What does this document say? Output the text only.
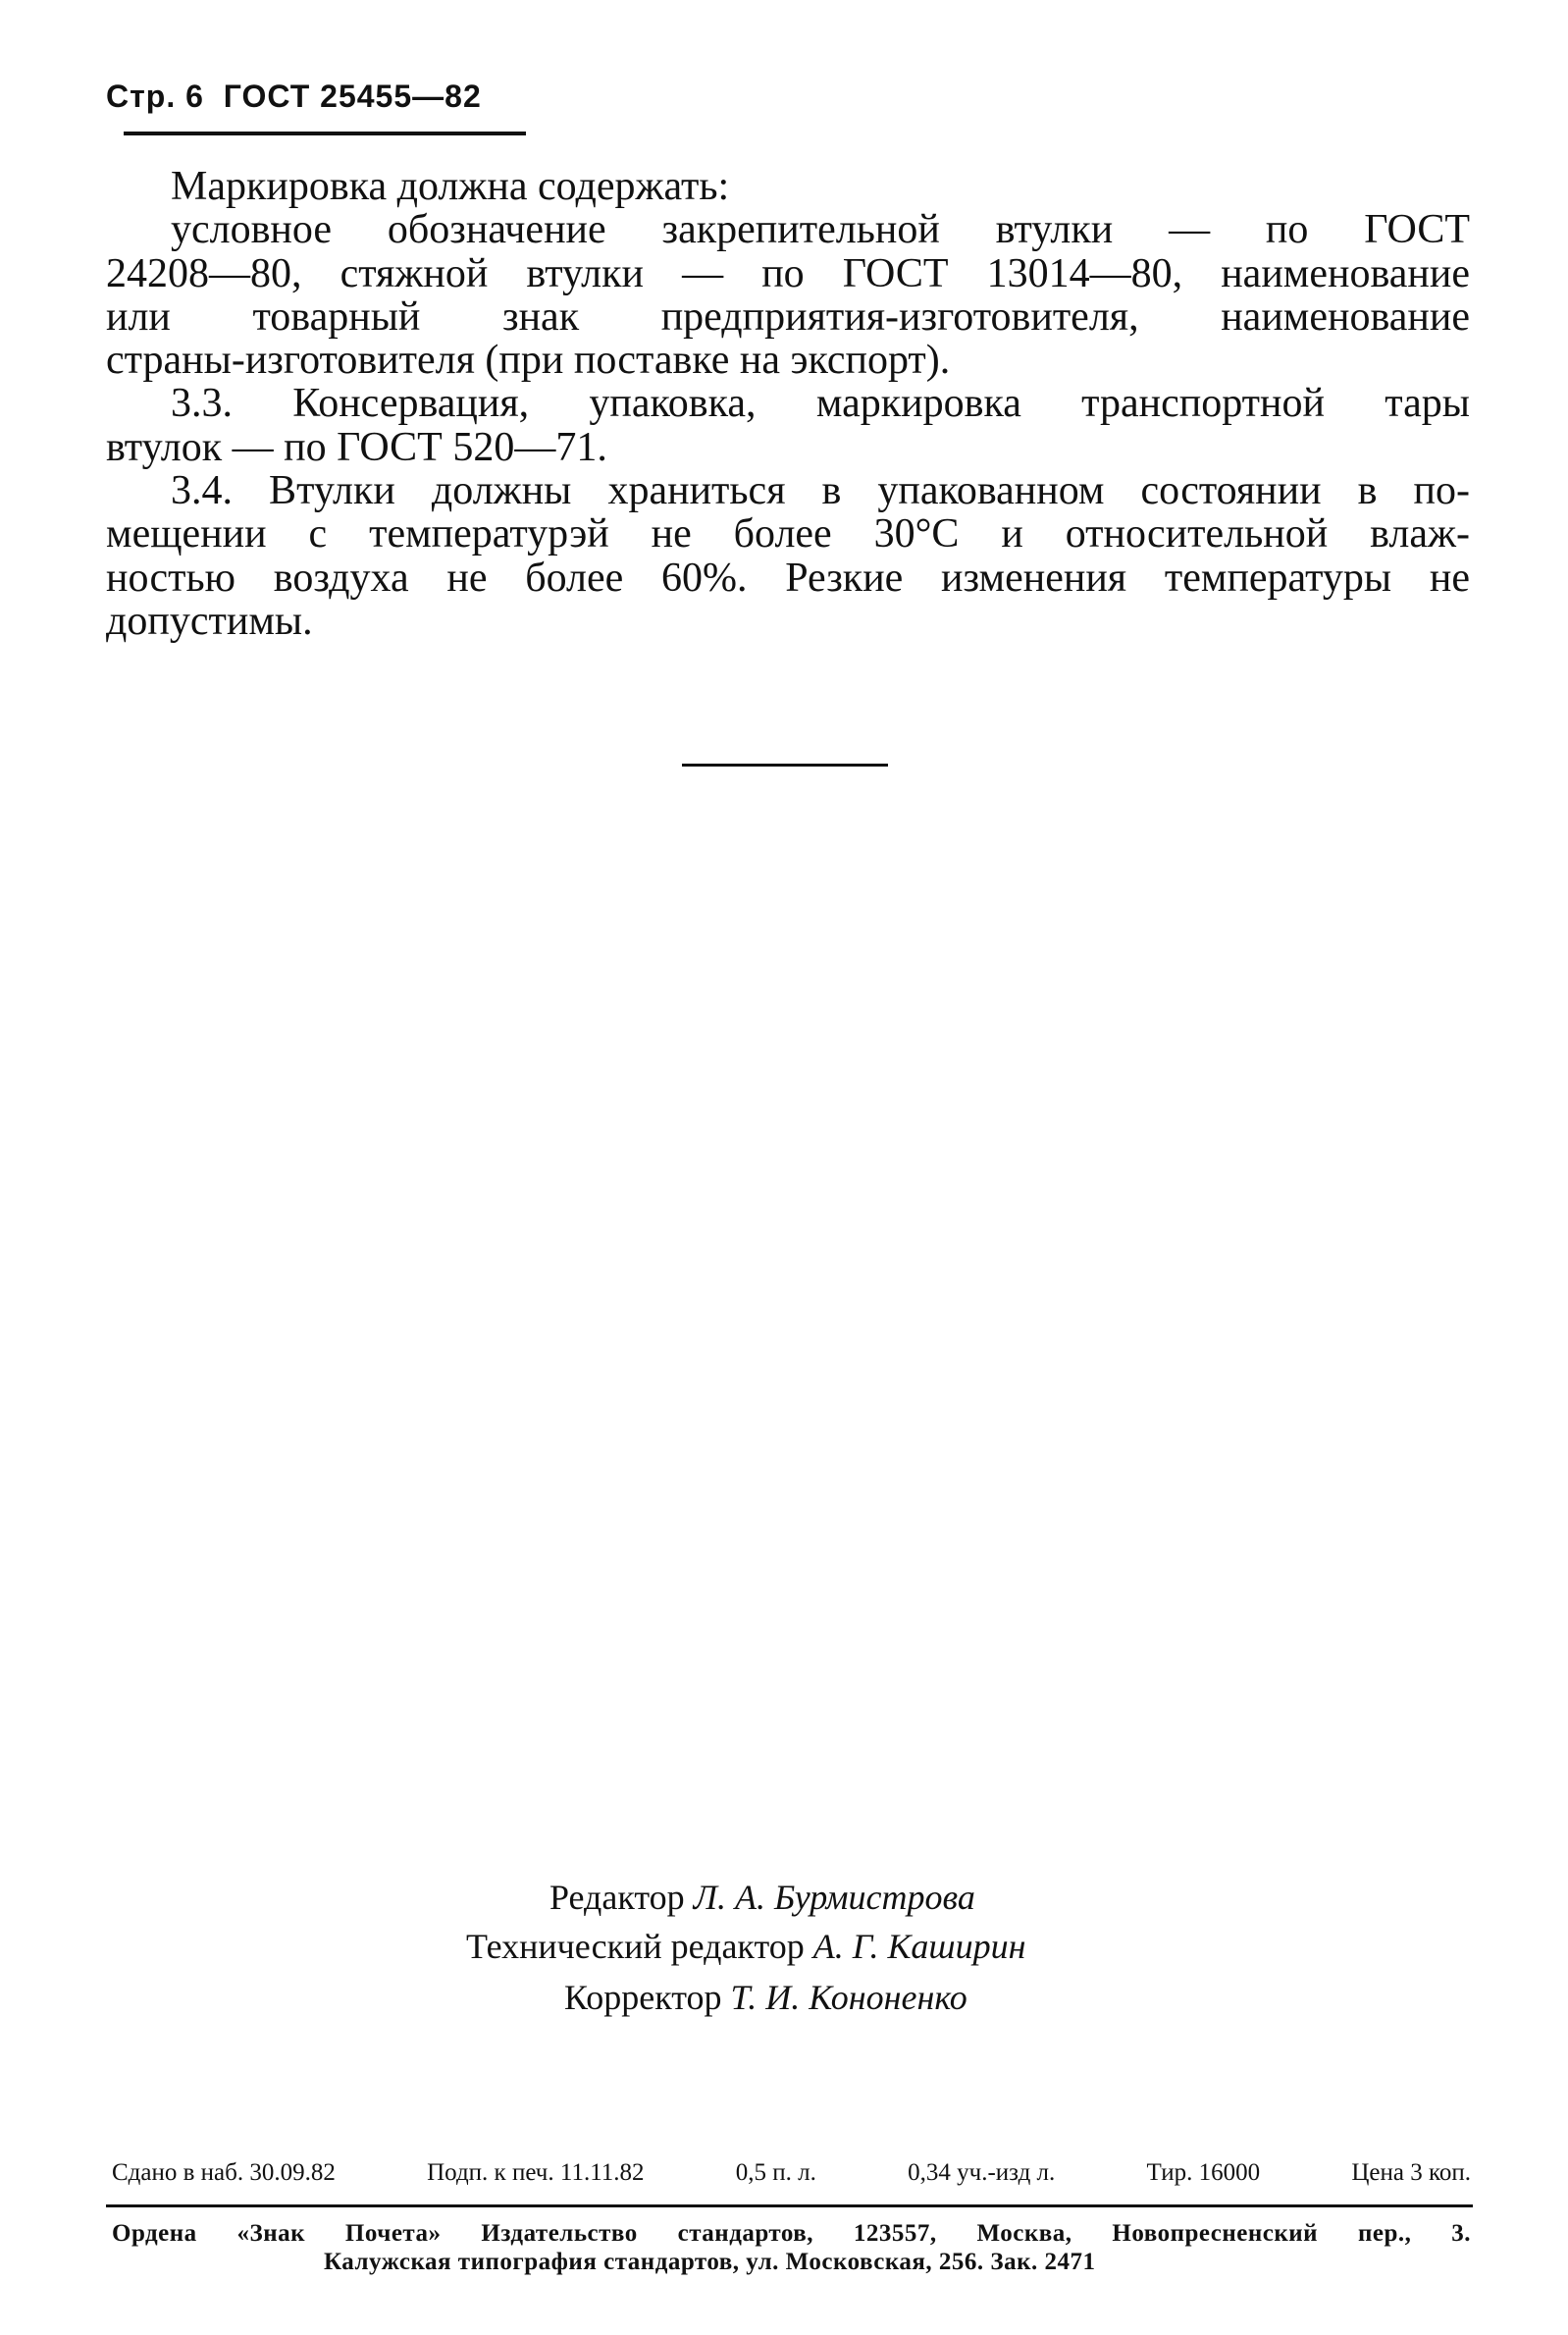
Стр. 6 ГОСТ 25455—82
Маркировка должна содержать:
условное обозначение закрепительной втулки — по ГОСТ
24208—80, стяжной втулки — по ГОСТ 13014—80, наименование
или товарный знак предприятия-изготовителя, наименование
страны-изготовителя (при поставке на экспорт).
3.3. Консервация, упаковка, маркировка транспортной тары
втулок — по ГОСТ 520—71.
3.4. Втулки должны храниться в упакованном состоянии в по-
мещении с температурэй не более 30°С и относительной влаж-
ностью воздуха не более 60%. Резкие изменения температуры не
допустимы.
Редактор Л. А. Бурмистрова
Технический редактор А. Г. Каширин
Корректор Т. И. Кононенко
Сдано в наб. 30.09.82	Подп. к печ. 11.11.82	0,5 п. л.	0,34 уч.-изд л.	Тир. 16000	Цена 3 коп.
Ордена «Знак Почета» Издательство стандартов, 123557, Москва, Новопресненский пер., 3.
Калужская типография стандартов, ул. Московская, 256. Зак. 2471
